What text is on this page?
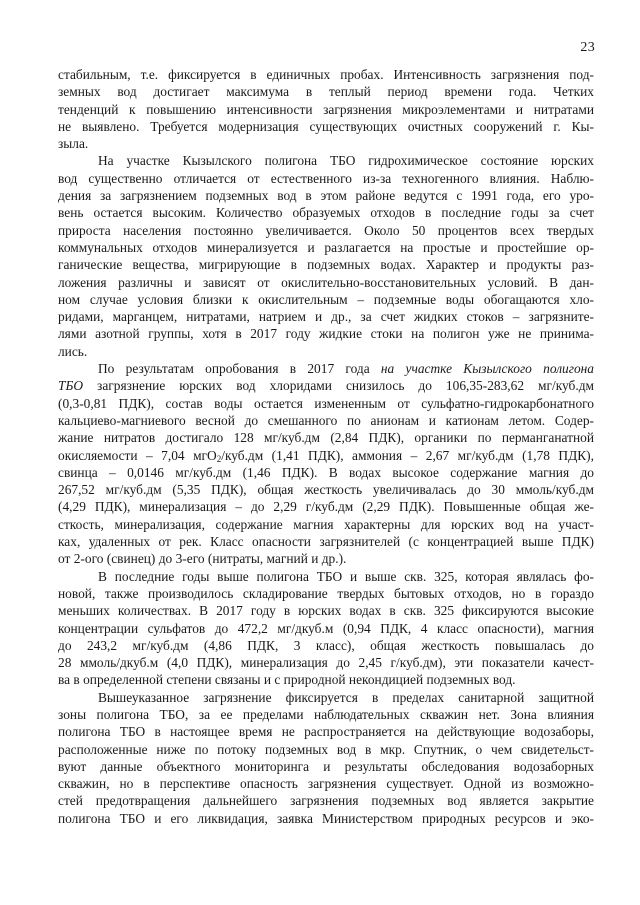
23
стабильным, т.е. фиксируется в единичных пробах. Интенсивность загрязнения под-
земных вод достигает максимума в теплый период времени года. Четких
тенденций к повышению интенсивности загрязнения микроэлементами и нитратами
не выявлено. Требуется модернизация существующих очистных сооружений г. Кы-
зыла.
На участке Кызылского полигона ТБО гидрохимическое состояние юрских
вод существенно отличается от естественного из-за техногенного влияния. Наблю-
дения за загрязнением подземных вод в этом районе ведутся с 1991 года, его уро-
вень остается высоким. Количество образуемых отходов в последние годы за счет
прироста населения постоянно увеличивается. Около 50 процентов всех твердых
коммунальных отходов минерализуется и разлагается на простые и простейшие ор-
ганические вещества, мигрирующие в подземных водах. Характер и продукты раз-
ложения различны и зависят от окислительно-восстановительных условий. В дан-
ном случае условия близки к окислительным – подземные воды обогащаются хло-
ридами, марганцем, нитратами, натрием и др., за счет жидких стоков – загрязните-
лями азотной группы, хотя в 2017 году жидкие стоки на полигон уже не принима-
лись.
По результатам опробования в 2017 года на участке Кызылского полигона
ТБО загрязнение юрских вод хлоридами снизилось до 106,35-283,62 мг/куб.дм
(0,3-0,81 ПДК), состав воды остается измененным от сульфатно-гидрокарбонатного
кальциево-магниевого весной до смешанного по анионам и катионам летом. Содер-
жание нитратов достигало 128 мг/куб.дм (2,84 ПДК), органики по перманганатной
окисляемости – 7,04 мгО$_2$/куб.дм (1,41 ПДК), аммония – 2,67 мг/куб.дм (1,78 ПДК),
свинца – 0,0146 мг/куб.дм (1,46 ПДК). В водах высокое содержание магния до
267,52 мг/куб.дм (5,35 ПДК), общая жесткость увеличивалась до 30 ммоль/куб.дм
(4,29 ПДК), минерализация – до 2,29 г/куб.дм (2,29 ПДК). Повышенные общая же-
сткость, минерализация, содержание магния характерны для юрских вод на участ-
ках, удаленных от рек. Класс опасности загрязнителей (с концентрацией выше ПДК)
от 2-ого (свинец) до 3-его (нитраты, магний и др.).
В последние годы выше полигона ТБО и выше скв. 325, которая являлась фо-
новой, также производилось складирование твердых бытовых отходов, но в гораздо
меньших количествах. В 2017 году в юрских водах в скв. 325 фиксируются высокие
концентрации сульфатов до 472,2 мг/дкуб.м (0,94 ПДК, 4 класс опасности), магния
до 243,2 мг/куб.дм (4,86 ПДК, 3 класс), общая жесткость повышалась до
28 ммоль/дкуб.м (4,0 ПДК), минерализация до 2,45 г/куб.дм), эти показатели качест-
ва в определенной степени связаны и с природной некондицией подземных вод.
Вышеуказанное загрязнение фиксируется в пределах санитарной защитной
зоны полигона ТБО, за ее пределами наблюдательных скважин нет. Зона влияния
полигона ТБО в настоящее время не распространяется на действующие водозаборы,
расположенные ниже по потоку подземных вод в мкр. Спутник, о чем свидетельст-
вуют данные объектного мониторинга и результаты обследования водозаборных
скважин, но в перспективе опасность загрязнения существует. Одной из возможно-
стей предотвращения дальнейшего загрязнения подземных вод является закрытие
полигона ТБО и его ликвидация, заявка Министерством природных ресурсов и эко-
